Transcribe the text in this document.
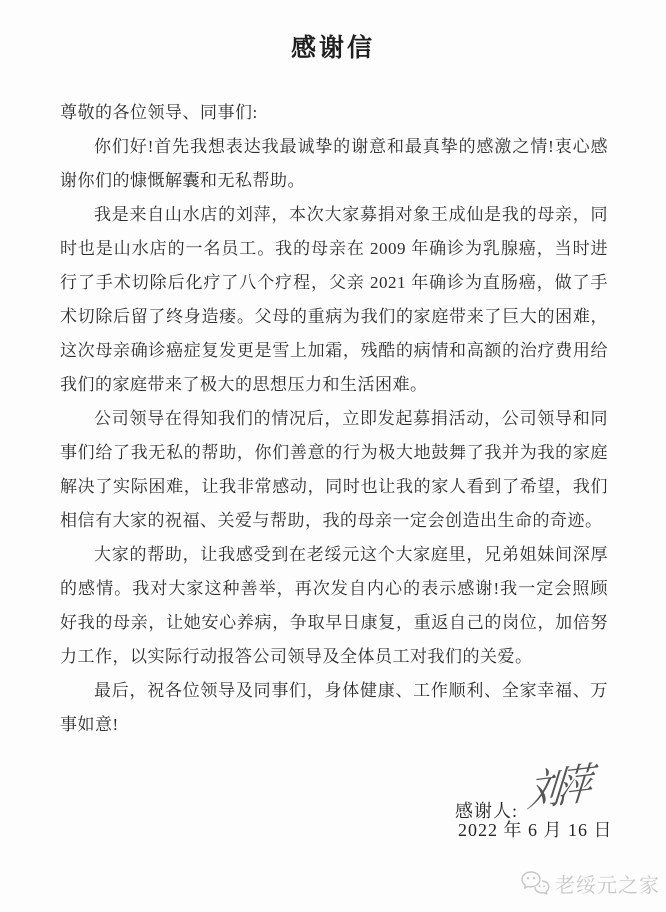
感谢信

尊敬的各位领导、同事们:

你们好!首先我想表达我最诚挚的谢意和最真挚的感激之情!衷心感谢你们的慷慨解囊和无私帮助。

我是来自山水店的刘萍，本次大家募捐对象王成仙是我的母亲，同时也是山水店的一名员工。我的母亲在 2009 年确诊为乳腺癌，当时进行了手术切除后化疗了八个疗程，父亲 2021 年确诊为直肠癌，做了手术切除后留了终身造瘘。父母的重病为我们的家庭带来了巨大的困难，这次母亲确诊癌症复发更是雪上加霜，残酷的病情和高额的治疗费用给我们的家庭带来了极大的思想压力和生活困难。

公司领导在得知我们的情况后，立即发起募捐活动，公司领导和同事们给了我无私的帮助，你们善意的行为极大地鼓舞了我并为我的家庭解决了实际困难，让我非常感动，同时也让我的家人看到了希望，我们相信有大家的祝福、关爱与帮助，我的母亲一定会创造出生命的奇迹。

大家的帮助，让我感受到在老绥元这个大家庭里，兄弟姐妹间深厚的感情。我对大家这种善举，再次发自内心的表示感谢!我一定会照顾好我的母亲，让她安心养病，争取早日康复，重返自己的岗位，加倍努力工作，以实际行动报答公司领导及全体员工对我们的关爱。

最后，祝各位领导及同事们，身体健康、工作顺利、全家幸福、万事如意!

感谢人: 刘萍
2022 年 6 月 16 日
老绥元之家
